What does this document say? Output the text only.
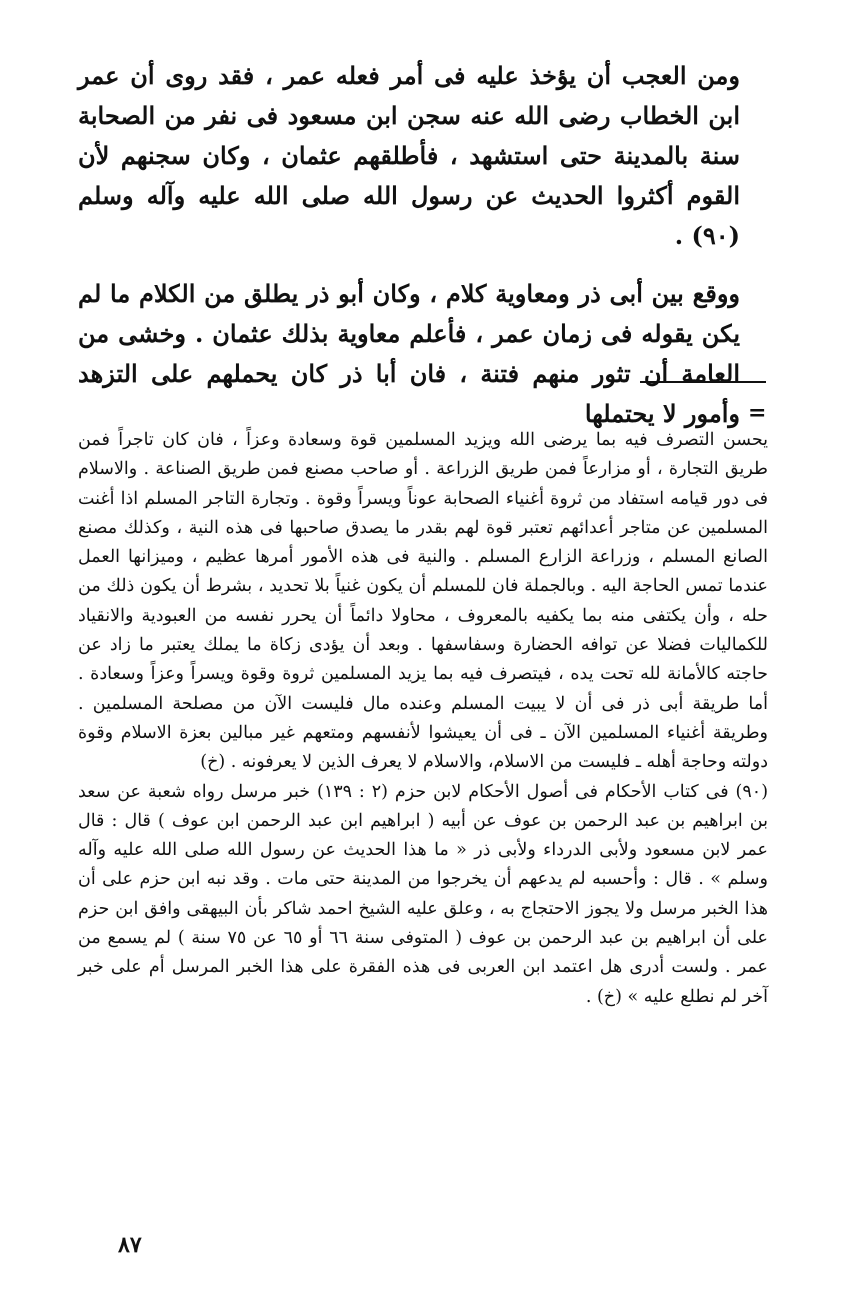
ومن العجب أن يؤخذ عليه فى أمر فعله عمر ، فقد روى أن عمر ابن الخطاب رضى الله عنه سجن ابن مسعود فى نفر من الصحابة سنة بالمدينة حتى استشهد ، فأطلقهم عثمان ، وكان سجنهم لأن القوم أكثروا الحديث عن رسول الله صلى الله عليه وآله وسلم (٩٠) .

ووقع بين أبى ذر ومعاوية كلام ، وكان أبو ذر يطلق من الكلام ما لم يكن يقوله فى زمان عمر ، فأعلم معاوية بذلك عثمان . وخشى من العامة أن تثور منهم فتنة ، فان أبا ذر كان يحملهم على التزهد وأمور لا يحتملها =

يحسن التصرف فيه بما يرضى الله ويزيد المسلمين قوة وسعادة وعزاً ، فان كان تاجراً فمن طريق التجارة ، أو مزارعاً فمن طريق الزراعة . أو صاحب مصنع فمن طريق الصناعة . والاسلام فى دور قيامه استفاد من ثروة أغنياء الصحابة عوناً ويسراً وقوة . وتجارة التاجر المسلم اذا أغنت المسلمين عن متاجر أعدائهم تعتبر قوة لهم بقدر ما يصدق صاحبها فى هذه النية ، وكذلك مصنع الصانع المسلم ، وزراعة الزارع المسلم . والنية فى هذه الأمور أمرها عظيم ، وميزانها العمل عندما تمس الحاجة اليه . وبالجملة فان للمسلم أن يكون غنياً بلا تحديد ، بشرط أن يكون ذلك من حله ، وأن يكتفى منه بما يكفيه بالمعروف ، محاولا دائماً أن يحرر نفسه من العبودية والانقياد للكماليات فضلا عن توافه الحضارة وسفاسفها . وبعد أن يؤدى زكاة ما يملك يعتبر ما زاد عن حاجته كالأمانة لله تحت يده ، فيتصرف فيه بما يزيد المسلمين ثروة وقوة ويسراً وعزاً وسعادة . أما طريقة أبى ذر فى أن لا يبيت المسلم وعنده مال فليست الآن من مصلحة المسلمين . وطريقة أغنياء المسلمين الآن ـ فى أن يعيشوا لأنفسهم ومتعهم غير مبالين بعزة الاسلام وقوة دولته وحاجة أهله ـ فليست من الاسلام، والاسلام لا يعرف الذين لا يعرفونه . (خ)

(٩٠) فى كتاب الأحكام فى أصول الأحكام لابن حزم (٢ : ١٣٩) خبر مرسل رواه شعبة عن سعد بن ابراهيم بن عبد الرحمن بن عوف عن أبيه ( ابراهيم ابن عبد الرحمن ابن عوف ) قال : قال عمر لابن مسعود ولأبى الدرداء ولأبى ذر « ما هذا الحديث عن رسول الله صلى الله عليه وآله وسلم » . قال : وأحسبه لم يدعهم أن يخرجوا من المدينة حتى مات . وقد نبه ابن حزم على أن هذا الخبر مرسل ولا يجوز الاحتجاج به ، وعلق عليه الشيخ احمد شاكر بأن البيهقى وافق ابن حزم على أن ابراهيم بن عبد الرحمن بن عوف ( المتوفى سنة ٦٦ أو ٦٥ عن ٧٥ سنة ) لم يسمع من عمر . ولست أدرى هل اعتمد ابن العربى فى هذه الفقرة على هذا الخبر المرسل أم على خبر آخر لم نطلع عليه » (خ) .

٨٧
